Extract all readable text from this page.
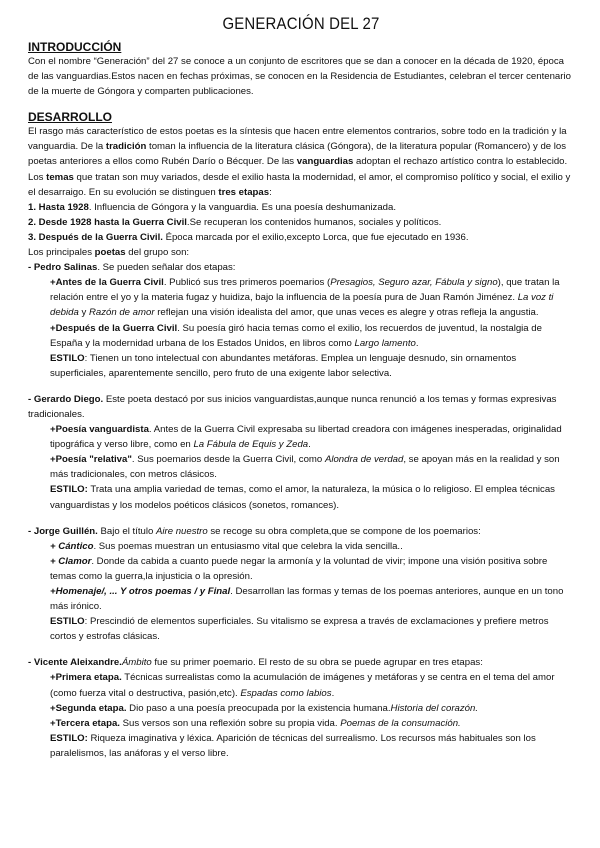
GENERACIÓN DEL 27
INTRODUCCIÓN

Con el nombre “Generación” del 27 se conoce a un conjunto de escritores que se dan a conocer en la década de 1920, época de las vanguardias.Estos nacen en fechas próximas, se conocen en la Residencia de Estudiantes, celebran el tercer centenario de la muerte de Góngora y comparten publicaciones.

DESARROLLO

El rasgo más característico de estos poetas es la síntesis que hacen entre elementos contrarios, sobre todo en la tradición y la vanguardia. De la tradición toman la influencia de la literatura clásica (Góngora), de la literatura popular (Romancero) y de los poetas anteriores a ellos como Rubén Darío o Bécquer. De las vanguardias adoptan el rechazo artístico contra lo establecido. Los temas que tratan son muy variados, desde el exilio hasta la modernidad, el amor, el compromiso político y social, el exilio y el desarraigo. En su evolución se distinguen tres etapas:

1. Hasta 1928. Influencia de Góngora y la vanguardia. Es una poesía deshumanizada.

2. Desde 1928 hasta la Guerra Civil.Se recuperan los contenidos humanos, sociales y políticos.

3. Después de la Guerra Civil. Época marcada por el exilio,excepto Lorca, que fue ejecutado en 1936.

Los principales poetas del grupo son:

- Pedro Salinas. Se pueden señalar dos etapas:

+Antes de la Guerra Civil. Publicó sus tres primeros poemarios (Presagios, Seguro azar, Fábula y signo), que tratan la relación entre el yo y la materia fugaz y huidiza, bajo la influencia de la poesía pura de Juan Ramón Jiménez. La voz ti debida y Razón de amor reflejan una visión idealista del amor, que unas veces es alegre y otras refleja la angustia.

+Después de la Guerra Civil. Su poesía giró hacia temas como el exilio, los recuerdos de juventud, la nostalgia de España y la modernidad urbana de los Estados Unidos, en libros como Largo lamento.

ESTILO: Tienen un tono intelectual con abundantes metáforas. Emplea un lenguaje desnudo, sin ornamentos superficiales, aparentemente sencillo, pero fruto de una exigente labor selectiva.

- Gerardo Diego. Este poeta destacó por sus inicios vanguardistas,aunque nunca renunció a los temas y formas expresivas tradicionales.

+Poesía vanguardista. Antes de la Guerra Civil expresaba su libertad creadora con imágenes inesperadas, originalidad tipográfica y verso libre, como en La Fábula de Equis y Zeda.

+Poesía "relativa". Sus poemarios desde la Guerra Civil, como Alondra de verdad, se apoyan más en la realidad y son más tradicionales, con metros clásicos.

ESTILO: Trata una amplia variedad de temas, como el amor, la naturaleza, la música o lo religioso. El emplea técnicas vanguardistas y los modelos poéticos clásicos (sonetos, romances).

- Jorge Guillén. Bajo el título Aire nuestro se recoge su obra completa,que se compone de los poemarios:

+ Cántico. Sus poemas muestran un entusiasmo vital que celebra la vida sencilla..

+ Clamor. Donde da cabida a cuanto puede negar la armonía y la voluntad de vivir; impone una visión positiva sobre temas como la guerra,la injusticia o la opresión.

+Homenaje/, ... Y otros poemas / y Final. Desarrollan las formas y temas de los poemas anteriores, aunque en un tono más irónico.

ESTILO: Prescindió de elementos superficiales. Su vitalismo se expresa a través de exclamaciones y prefiere metros cortos y estrofas clásicas.

- Vicente Aleixandre.Ámbito fue su primer poemario. El resto de su obra se puede agrupar en tres etapas:

+Primera etapa. Técnicas surrealistas como la acumulación de imágenes y metáforas y se centra en el tema del amor (como fuerza vital o destructiva, pasión,etc). Espadas como labios.

+Segunda etapa. Dio paso a una poesía preocupada por la existencia humana.Historia del corazón.

+Tercera etapa. Sus versos son una reflexión sobre su propia vida. Poemas de la consumación.

ESTILO: Riqueza imaginativa y léxica. Aparición de técnicas del surrealismo. Los recursos más habituales son los paralelismos, las anáforas y el verso libre.
